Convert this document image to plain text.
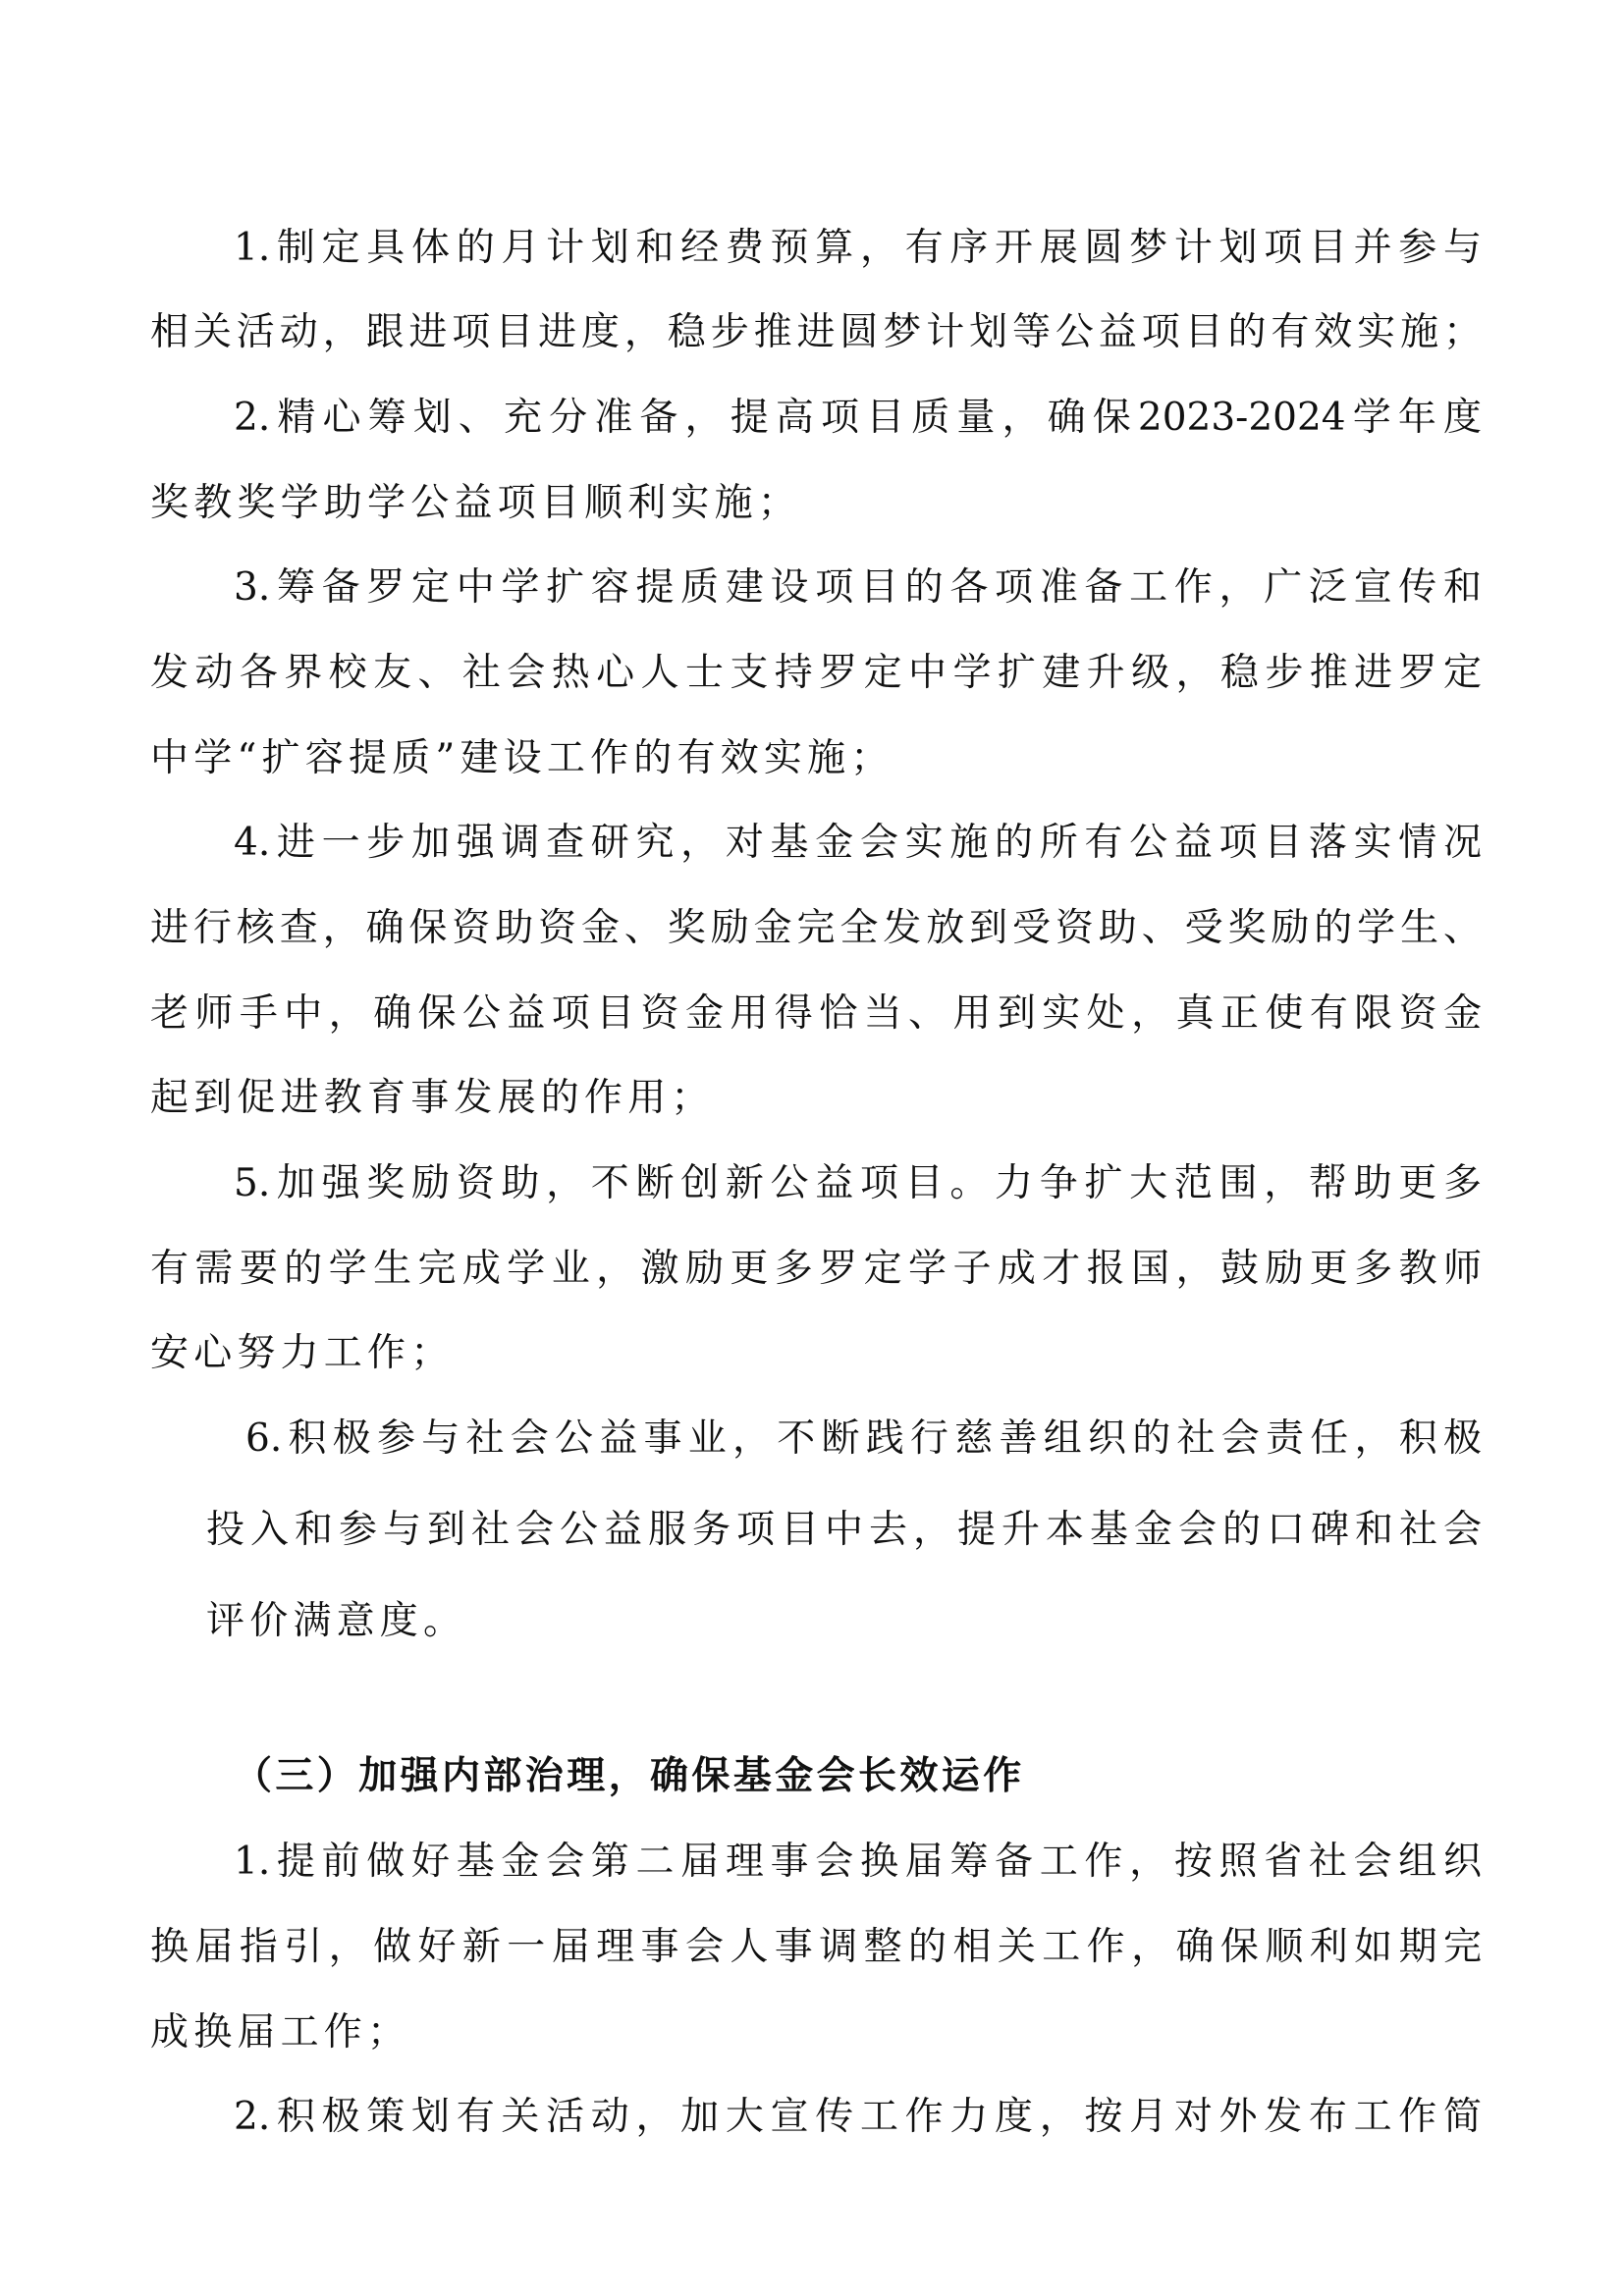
1.制定具体的月计划和经费预算，有序开展圆梦计划项目并参与
相关活动，跟进项目进度，稳步推进圆梦计划等公益项目的有效实施；
2.精心筹划、充分准备，提高项目质量，确保2023-2024学年度
奖教奖学助学公益项目顺利实施；
3.筹备罗定中学扩容提质建设项目的各项准备工作，广泛宣传和
发动各界校友、社会热心人士支持罗定中学扩建升级，稳步推进罗定
中学“扩容提质”建设工作的有效实施；
4.进一步加强调查研究，对基金会实施的所有公益项目落实情况
进行核查，确保资助资金、奖励金完全发放到受资助、受奖励的学生、
老师手中，确保公益项目资金用得恰当、用到实处，真正使有限资金
起到促进教育事发展的作用；
5.加强奖励资助，不断创新公益项目。力争扩大范围，帮助更多
有需要的学生完成学业，激励更多罗定学子成才报国，鼓励更多教师
安心努力工作；
6.积极参与社会公益事业，不断践行慈善组织的社会责任，积极
投入和参与到社会公益服务项目中去，提升本基金会的口碑和社会
评价满意度。
（三）加强内部治理，确保基金会长效运作
1.提前做好基金会第二届理事会换届筹备工作，按照省社会组织
换届指引，做好新一届理事会人事调整的相关工作，确保顺利如期完
成换届工作；
2.积极策划有关活动，加大宣传工作力度，按月对外发布工作简
